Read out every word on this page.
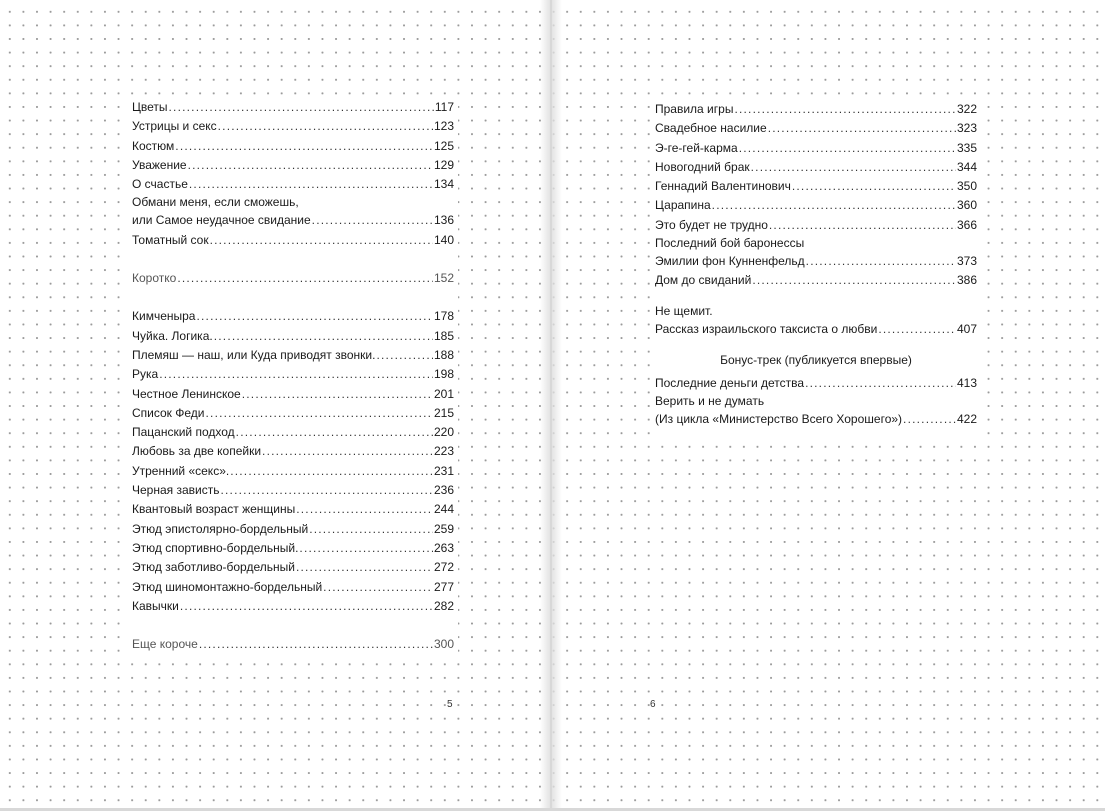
Цветы .....	117
Устрицы и секс .....	123
Костюм .....	125
Уважение .....	129
О счастье .....	134
Обмани меня, если сможешь,
или Самое неудачное свидание .....	136
Томатный сок .....	140
Коротко .....	152
Кимченыра .....	178
Чуйка. Логика. .....	185
Племяш — наш, или Куда приводят звонки. .....	188
Рука .....	198
Честное Ленинское .....	201
Список Феди .....	215
Пацанский подход .....	220
Любовь за две копейки .....	223
Утренний «секс». .....	231
Черная зависть .....	236
Квантовый возраст женщины .....	244
Этюд эпистолярно-бордельный .....	259
Этюд спортивно-бордельный. .....	263
Этюд заботливо-бордельный .....	272
Этюд шиномонтажно-бордельный .....	277
Кавычки .....	282
Еще короче .....	300
5
Правила игры .....	322
Свадебное насилие .....	323
Э-ге-гей-карма .....	335
Новогодний брак .....	344
Геннадий Валентинович .....	350
Царапина .....	360
Это будет не трудно .....	366
Последний бой баронессы
Эмилии фон Кунненфельд .....	373
Дом до свиданий .....	386
Не щемит.
Рассказ израильского таксиста о любви .....	407
Бонус-трек (публикуется впервые)
Последние деньги детства .....	413
Верить и не думать
(Из цикла «Министерство Всего Хорошего») .....	422
6
